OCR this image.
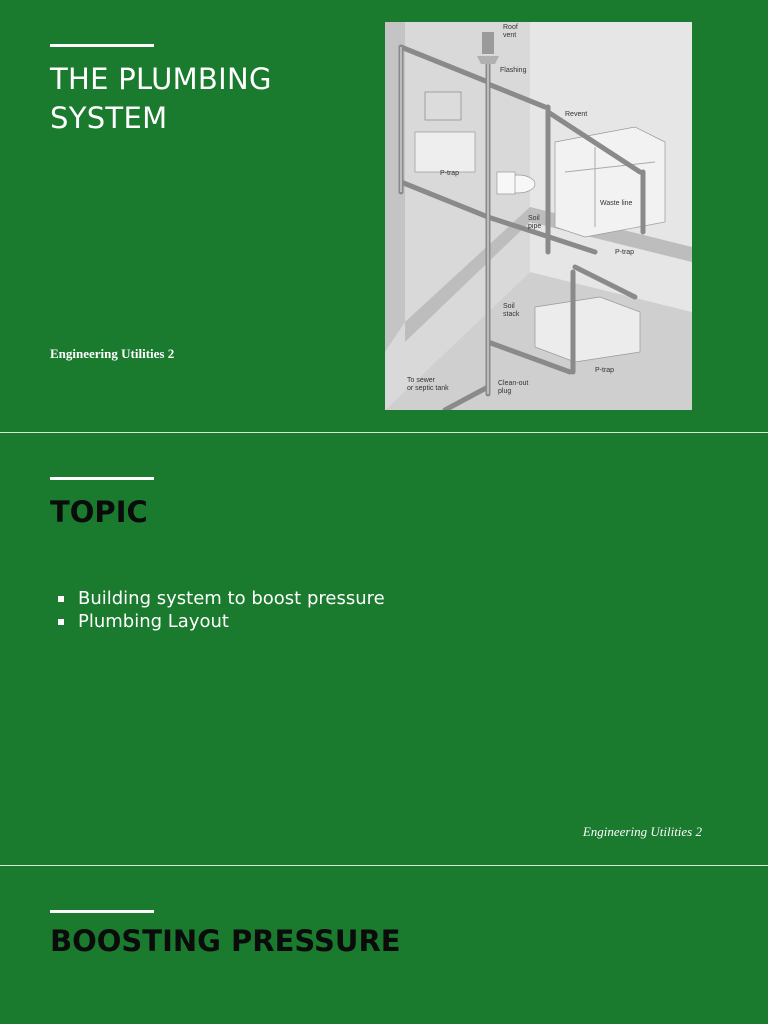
THE PLUMBING
SYSTEM
Engineering Utilities 2
Roof
vent
Flashing
Revent
P-trap
Waste line
Soil
pipe
P-trap
Soil
stack
P-trap
To sewer
or septic tank
Clean-out
plug
TOPIC
Building system to boost pressure
Plumbing Layout
Engineering Utilities 2
BOOSTING PRESSURE
